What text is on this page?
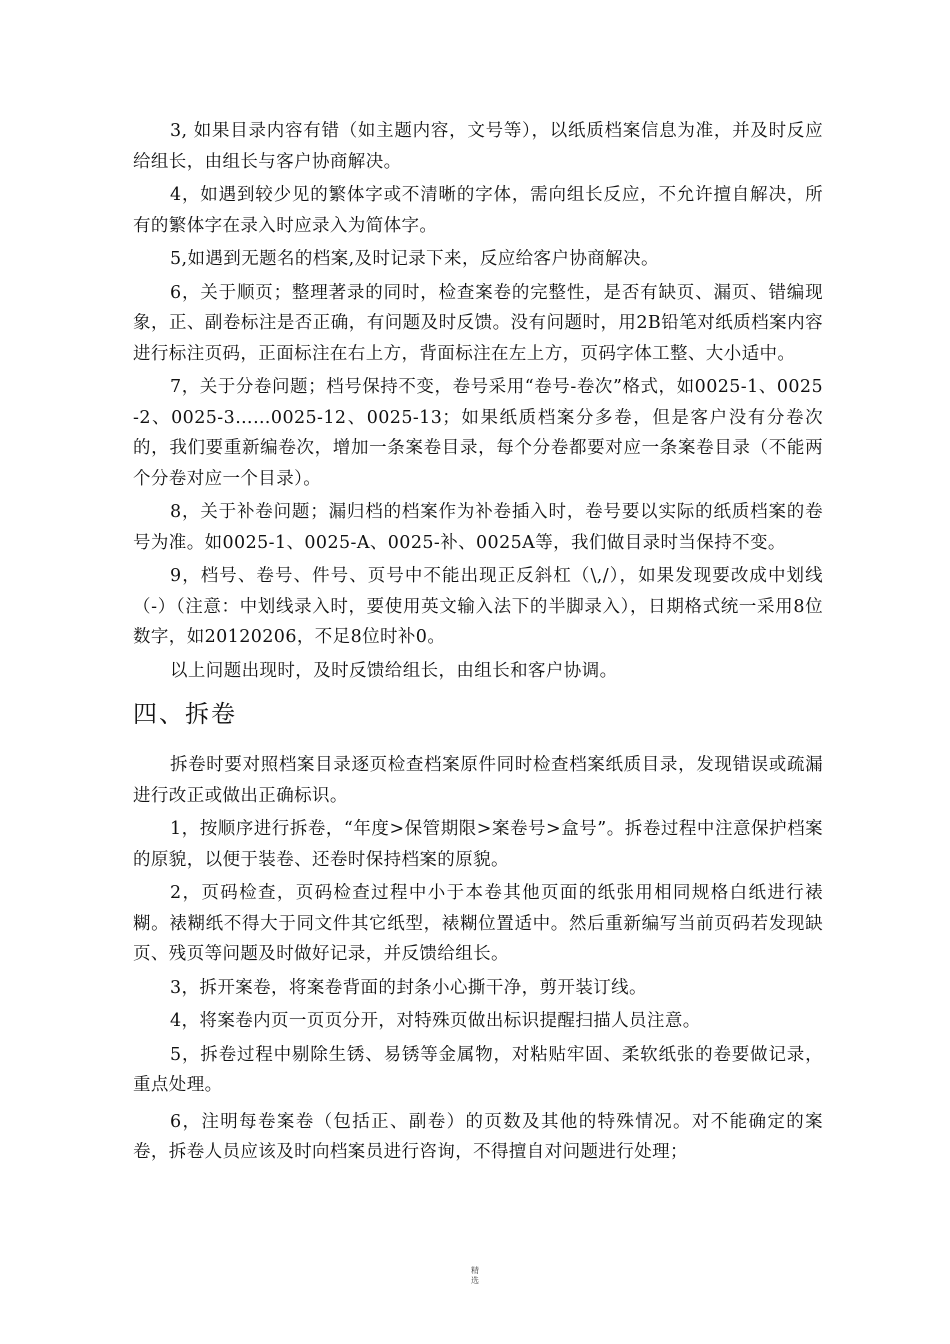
3, 如果目录内容有错（如主题内容，文号等），以纸质档案信息为准，并及时反应给组长，由组长与客户协商解决。

4，如遇到较少见的繁体字或不清晰的字体，需向组长反应，不允许擅自解决，所有的繁体字在录入时应录入为简体字。

5,如遇到无题名的档案,及时记录下来，反应给客户协商解决。

6，关于顺页；整理著录的同时，检查案卷的完整性，是否有缺页、漏页、错编现象，正、副卷标注是否正确，有问题及时反馈。没有问题时，用2B铅笔对纸质档案内容进行标注页码，正面标注在右上方，背面标注在左上方，页码字体工整、大小适中。

7，关于分卷问题；档号保持不变，卷号采用“卷号-卷次”格式，如0025-1、0025-2、0025-3……0025-12、0025-13；如果纸质档案分多卷，但是客户没有分卷次的，我们要重新编卷次，增加一条案卷目录，每个分卷都要对应一条案卷目录（不能两个分卷对应一个目录）。

8，关于补卷问题；漏归档的档案作为补卷插入时，卷号要以实际的纸质档案的卷号为准。如0025-1、0025-A、0025-补、0025A等，我们做目录时当保持不变。

9，档号、卷号、件号、页号中不能出现正反斜杠（\,/），如果发现要改成中划线（-）（注意：中划线录入时，要使用英文输入法下的半脚录入），日期格式统一采用8位数字，如20120206，不足8位时补0。

以上问题出现时，及时反馈给组长，由组长和客户协调。

四、拆卷

拆卷时要对照档案目录逐页检查档案原件同时检查档案纸质目录，发现错误或疏漏进行改正或做出正确标识。

1，按顺序进行拆卷，“年度>保管期限>案卷号>盒号”。拆卷过程中注意保护档案的原貌，以便于装卷、还卷时保持档案的原貌。

2，页码检查，页码检查过程中小于本卷其他页面的纸张用相同规格白纸进行裱糊。裱糊纸不得大于同文件其它纸型，裱糊位置适中。然后重新编写当前页码若发现缺页、残页等问题及时做好记录，并反馈给组长。

3，拆开案卷，将案卷背面的封条小心撕干净，剪开装订线。

4，将案卷内页一页页分开，对特殊页做出标识提醒扫描人员注意。

5，拆卷过程中剔除生锈、易锈等金属物，对粘贴牢固、柔软纸张的卷要做记录，重点处理。

6，注明每卷案卷（包括正、副卷）的页数及其他的特殊情况。对不能确定的案卷，拆卷人员应该及时向档案员进行咨询，不得擅自对问题进行处理；

精
选
